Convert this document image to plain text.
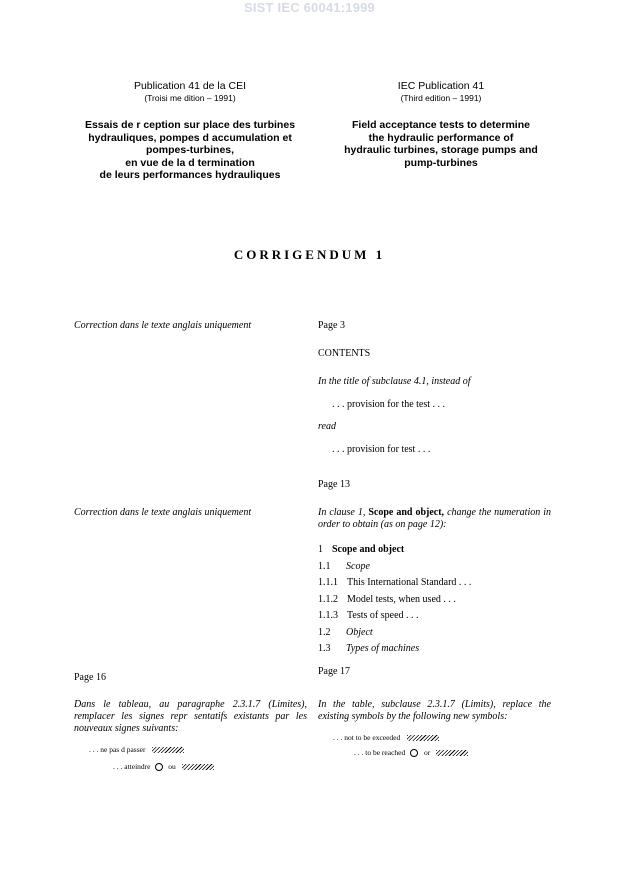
SIST IEC 60041:1999
Publication 41 de la CEI
(Troisi me dition – 1991)
Essais de r ception sur place des turbines
hydrauliques, pompes d accumulation et
pompes-turbines,
en vue de la d termination
de leurs performances hydrauliques
IEC Publication 41
(Third edition – 1991)
Field acceptance tests to determine
the hydraulic performance of
hydraulic turbines, storage pumps and
pump-turbines
CORRIGENDUM 1
Correction dans le texte anglais uniquement	Page 3
CONTENTS
In the title of subclause 4.1, instead of
. . . provision for the test . . .
read
. . . provision for test . . .
Page 13
Correction dans le texte anglais uniquement	In clause 1, Scope and object, change the numeration in order to obtain (as on page 12):
1 Scope and object
1.1 Scope
1.1.1 This International Standard . . .
1.1.2 Model tests, when used . . .
1.1.3 Tests of speed . . .
1.2 Object
1.3 Types of machines
Page 16
Page 17
Dans le tableau, au paragraphe 2.3.1.7 (Limites), remplacer les signes repr sentatifs existants par les nouveaux signes suivants:
In the table, subclause 2.3.1.7 (Limits), replace the existing symbols by the following new symbols:
. . . ne pas d passer
. . . atteindre ou
. . . not to be exceeded
. . . to be reached	or
